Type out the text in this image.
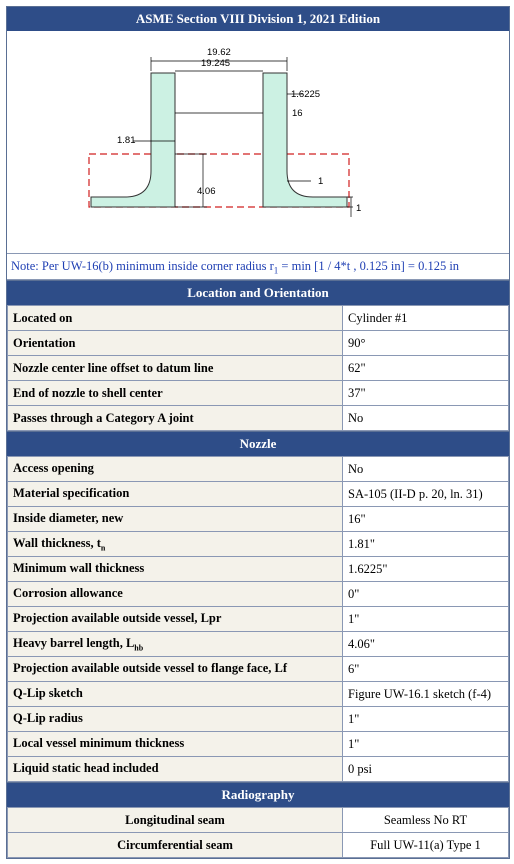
ASME Section VIII Division 1, 2021 Edition
19.62
19.245
1.6225
16
1.81
4.06
1
1
Note: Per UW-16(b) minimum inside corner radius $r_1 = \min [1 / 4*t$ , 0.125 in] = 0.125 in
Location and Orientation
Located on	Cylinder #1
Orientation	90°
Nozzle center line offset to datum line	62"
End of nozzle to shell center	37"
Passes through a Category A joint	No
Nozzle
Access opening	No
Material specification	SA-105 (II-D p. 20, ln. 31)
Inside diameter, new	16"
Wall thickness, $t_n$	1.81"
Minimum wall thickness	1.6225"
Corrosion allowance	0"
Projection available outside vessel, Lpr	1"
Heavy barrel length, $L_{hb}$	4.06"
Projection available outside vessel to flange face, Lf	6"
Q-Lip sketch	Figure UW-16.1 sketch (f-4)
Q-Lip radius	1"
Local vessel minimum thickness	1"
Liquid static head included	0 psi
Radiography
Longitudinal seam	Seamless No RT
Circumferential seam	Full UW-11(a) Type 1
